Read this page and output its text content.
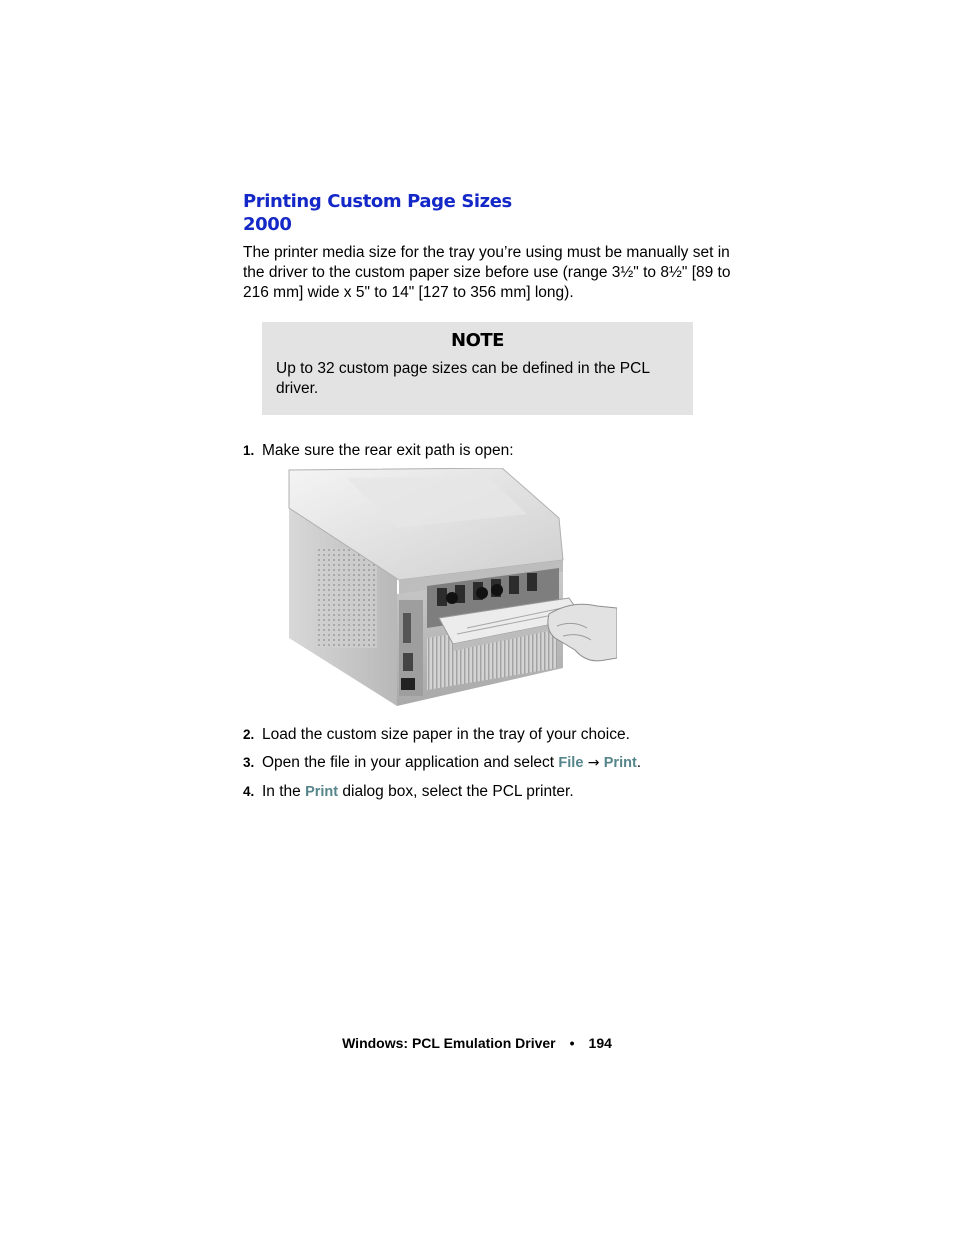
Printing Custom Page Sizes
2000

The printer media size for the tray you’re using must be manually set in the driver to the custom paper size before use (range 3½" to 8½" [89 to 216 mm] wide x 5" to 14" [127 to 356 mm] long).

NOTE

Up to 32 custom page sizes can be defined in the PCL driver.

1. Make sure the rear exit path is open:

2. Load the custom size paper in the tray of your choice.

3. Open the file in your application and select File → Print.

4. In the Print dialog box, select the PCL printer.

Windows: PCL Emulation Driver • 194
